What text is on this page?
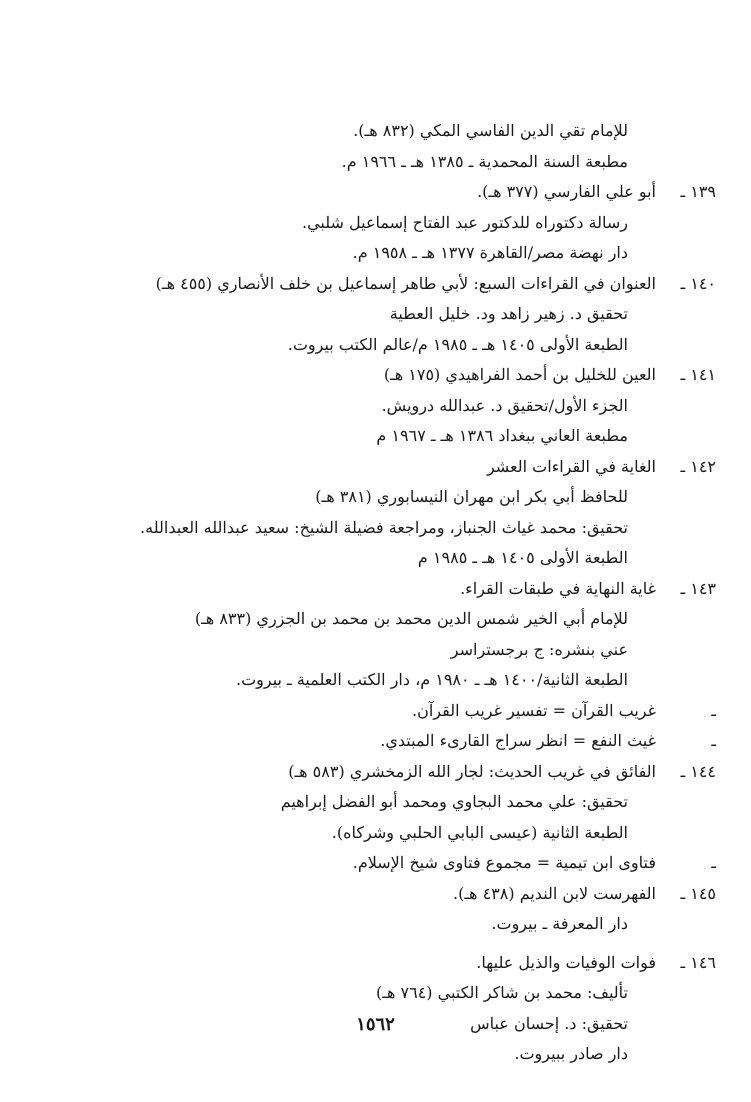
للإمام تقي الدين الفاسي المكي (٨٣٢ هـ).
مطبعة السنة المحمدية ـ ١٣٨٥ هـ ـ ١٩٦٦ م.
١٣٩ ـ
أبو علي الفارسي (٣٧٧ هـ).
رسالة دكتوراه للدكتور عبد الفتاح إسماعيل شلبي.
دار نهضة مصر/القاهرة ١٣٧٧ هـ ـ ١٩٥٨ م.
١٤٠ ـ
العنوان في القراءات السبع: لأبي طاهر إسماعيل بن خلف الأنصاري (٤٥٥ هـ)
تحقيق د. زهير زاهد ود. خليل العطية
الطبعة الأولى ١٤٠٥ هـ ـ ١٩٨٥ م/عالم الكتب بيروت.
١٤١ ـ
العين للخليل بن أحمد الفراهيدي (١٧٥ هـ)
الجزء الأول/تحقيق د. عبدالله درويش.
مطبعة العاني ببغداد ١٣٨٦ هـ ـ ١٩٦٧ م
١٤٢ ـ
الغاية في القراءات العشر
للحافظ أبي بكر ابن مهران النيسابوري (٣٨١ هـ)
تحقيق: محمد غياث الجنباز، ومراجعة فضيلة الشيخ: سعيد عبدالله العبدالله.
الطبعة الأولى ١٤٠٥ هـ ـ ١٩٨٥ م
١٤٣ ـ
غاية النهاية في طبقات القراء.
للإمام أبي الخير شمس الدين محمد بن محمد بن الجزري (٨٣٣ هـ)
عني بنشره: ج برجستراسر
الطبعة الثانية/١٤٠٠ هـ ـ ١٩٨٠ م، دار الكتب العلمية ـ بيروت.
ـ
غريب القرآن = تفسير غريب القرآن.
ـ
غيث النفع = انظر سراج القارىء المبتدي.
١٤٤ ـ
الفائق في غريب الحديث: لجار الله الزمخشري (٥٨٣ هـ)
تحقيق: علي محمد البجاوي ومحمد أبو الفضل إبراهيم
الطبعة الثانية (عيسى البابي الحلبي وشركاه).
ـ
فتاوى ابن تيمية = مجموع فتاوى شيخ الإسلام.
١٤٥ ـ
الفهرست لابن النديم (٤٣٨ هـ).
دار المعرفة ـ بيروت.
١٤٦ ـ
فوات الوفيات والذيل عليها.
تأليف: محمد بن شاكر الكتبي (٧٦٤ هـ)
تحقيق: د. إحسان عباس
دار صادر ببيروت.
١٥٦٢
